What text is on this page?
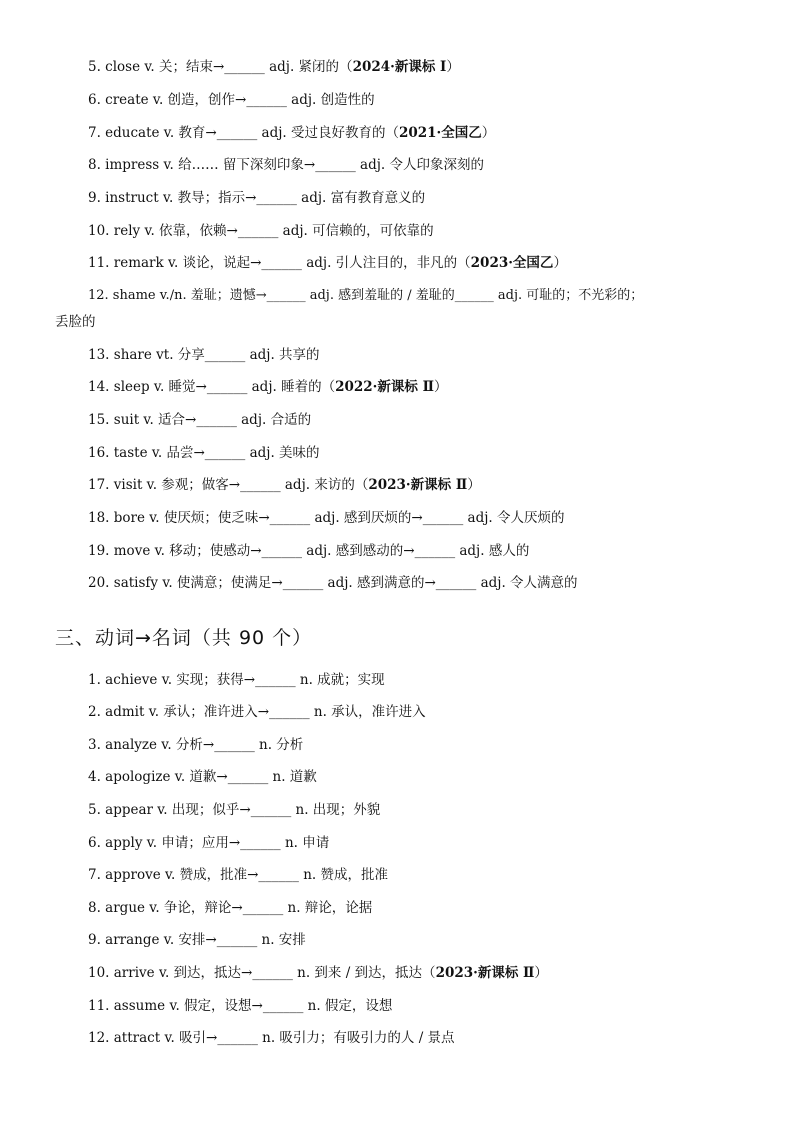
5. close v. 关；结束→______ adj. 紧闭的（2024·新课标 Ⅰ）
6. create v. 创造，创作→______ adj. 创造性的
7. educate v. 教育→______ adj. 受过良好教育的（2021·全国乙）
8. impress v. 给…… 留下深刻印象→______ adj. 令人印象深刻的
9. instruct v. 教导；指示→______ adj. 富有教育意义的
10. rely v. 依靠，依赖→______ adj. 可信赖的，可依靠的
11. remark v. 谈论，说起→______ adj. 引人注目的，非凡的（2023·全国乙）
12. shame v./n. 羞耻；遗憾→______ adj. 感到羞耻的 / 羞耻的______ adj. 可耻的；不光彩的；
丢脸的
13. share vt. 分享______ adj. 共享的
14. sleep v. 睡觉→______ adj. 睡着的（2022·新课标 Ⅱ）
15. suit v. 适合→______ adj. 合适的
16. taste v. 品尝→______ adj. 美味的
17. visit v. 参观；做客→______ adj. 来访的（2023·新课标 Ⅱ）
18. bore v. 使厌烦；使乏味→______ adj. 感到厌烦的→______ adj. 令人厌烦的
19. move v. 移动；使感动→______ adj. 感到感动的→______ adj. 感人的
20. satisfy v. 使满意；使满足→______ adj. 感到满意的→______ adj. 令人满意的
三、动词→名词（共 90 个）
1. achieve v. 实现；获得→______ n. 成就；实现
2. admit v. 承认；准许进入→______ n. 承认，准许进入
3. analyze v. 分析→______ n. 分析
4. apologize v. 道歉→______ n. 道歉
5. appear v. 出现；似乎→______ n. 出现；外貌
6. apply v. 申请；应用→______ n. 申请
7. approve v. 赞成，批准→______ n. 赞成，批准
8. argue v. 争论，辩论→______ n. 辩论，论据
9. arrange v. 安排→______ n. 安排
10. arrive v. 到达，抵达→______ n. 到来 / 到达，抵达（2023·新课标 Ⅱ）
11. assume v. 假定，设想→______ n. 假定，设想
12. attract v. 吸引→______ n. 吸引力；有吸引力的人 / 景点
